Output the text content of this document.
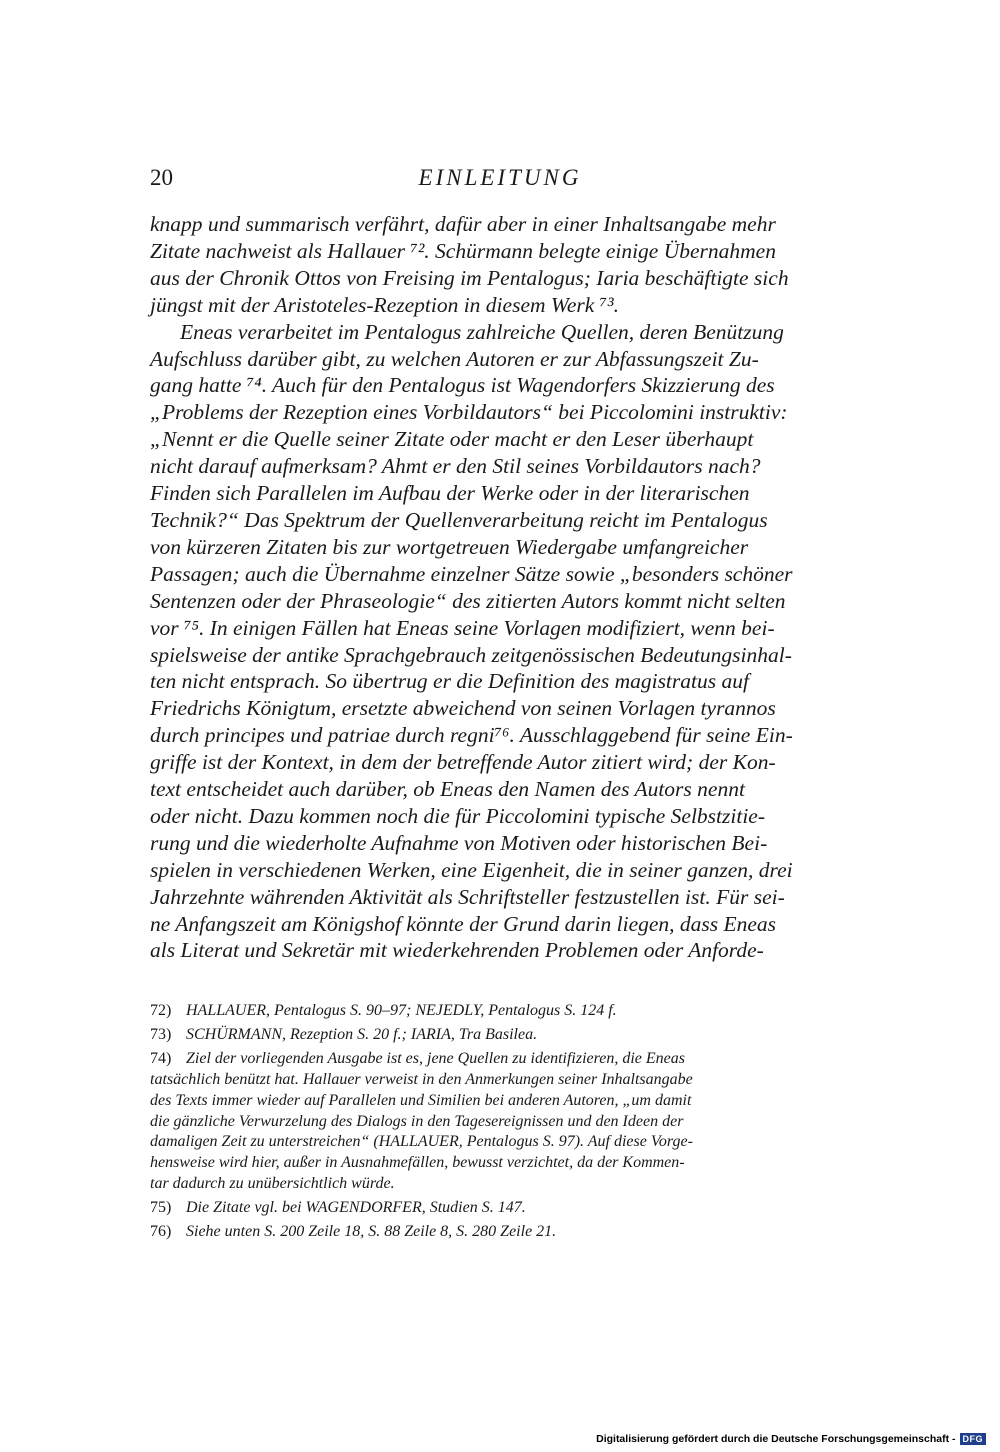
20	EINLEITUNG
knapp und summarisch verfährt, dafür aber in einer Inhaltsangabe mehr
Zitate nachweist als Hallauer ⁷². Schürmann belegte einige Übernahmen
aus der Chronik Ottos von Freising im Pentalogus; Iaria beschäftigte sich
jüngst mit der Aristoteles-Rezeption in diesem Werk ⁷³.
Eneas verarbeitet im Pentalogus zahlreiche Quellen, deren Benützung
Aufschluss darüber gibt, zu welchen Autoren er zur Abfassungszeit Zu-
gang hatte ⁷⁴. Auch für den Pentalogus ist Wagendorfers Skizzierung des
„Problems der Rezeption eines Vorbildautors“ bei Piccolomini instruktiv:
„Nennt er die Quelle seiner Zitate oder macht er den Leser überhaupt
nicht darauf aufmerksam? Ahmt er den Stil seines Vorbildautors nach?
Finden sich Parallelen im Aufbau der Werke oder in der literarischen
Technik?“ Das Spektrum der Quellenverarbeitung reicht im Pentalogus
von kürzeren Zitaten bis zur wortgetreuen Wiedergabe umfangreicher
Passagen; auch die Übernahme einzelner Sätze sowie „besonders schöner
Sentenzen oder der Phraseologie“ des zitierten Autors kommt nicht selten
vor ⁷⁵. In einigen Fällen hat Eneas seine Vorlagen modifiziert, wenn bei-
spielsweise der antike Sprachgebrauch zeitgenössischen Bedeutungsinhal-
ten nicht entsprach. So übertrug er die Definition des magistratus auf
Friedrichs Königtum, ersetzte abweichend von seinen Vorlagen tyrannos
durch principes und patriae durch regni⁷⁶. Ausschlaggebend für seine Ein-
griffe ist der Kontext, in dem der betreffende Autor zitiert wird; der Kon-
text entscheidet auch darüber, ob Eneas den Namen des Autors nennt
oder nicht. Dazu kommen noch die für Piccolomini typische Selbstzitie-
rung und die wiederholte Aufnahme von Motiven oder historischen Bei-
spielen in verschiedenen Werken, eine Eigenheit, die in seiner ganzen, drei
Jahrzehnte währenden Aktivität als Schriftsteller festzustellen ist. Für sei-
ne Anfangszeit am Königshof könnte der Grund darin liegen, dass Eneas
als Literat und Sekretär mit wiederkehrenden Problemen oder Anforde-
72) HALLAUER, Pentalogus S. 90–97; NEJEDLY, Pentalogus S. 124 f.
73) SCHÜRMANN, Rezeption S. 20 f.; IARIA, Tra Basilea.
74) Ziel der vorliegenden Ausgabe ist es, jene Quellen zu identifizieren, die Eneas
tatsächlich benützt hat. Hallauer verweist in den Anmerkungen seiner Inhaltsangabe
des Texts immer wieder auf Parallelen und Similien bei anderen Autoren, „um damit
die gänzliche Verwurzelung des Dialogs in den Tagesereignissen und den Ideen der
damaligen Zeit zu unterstreichen“ (HALLAUER, Pentalogus S. 97). Auf diese Vorge-
hensweise wird hier, außer in Ausnahmefällen, bewusst verzichtet, da der Kommen-
tar dadurch zu unübersichtlich würde.
75) Die Zitate vgl. bei WAGENDORFER, Studien S. 147.
76) Siehe unten S. 200 Zeile 18, S. 88 Zeile 8, S. 280 Zeile 21.
Digitalisierung gefördert durch die Deutsche Forschungsgemeinschaft - DFG
